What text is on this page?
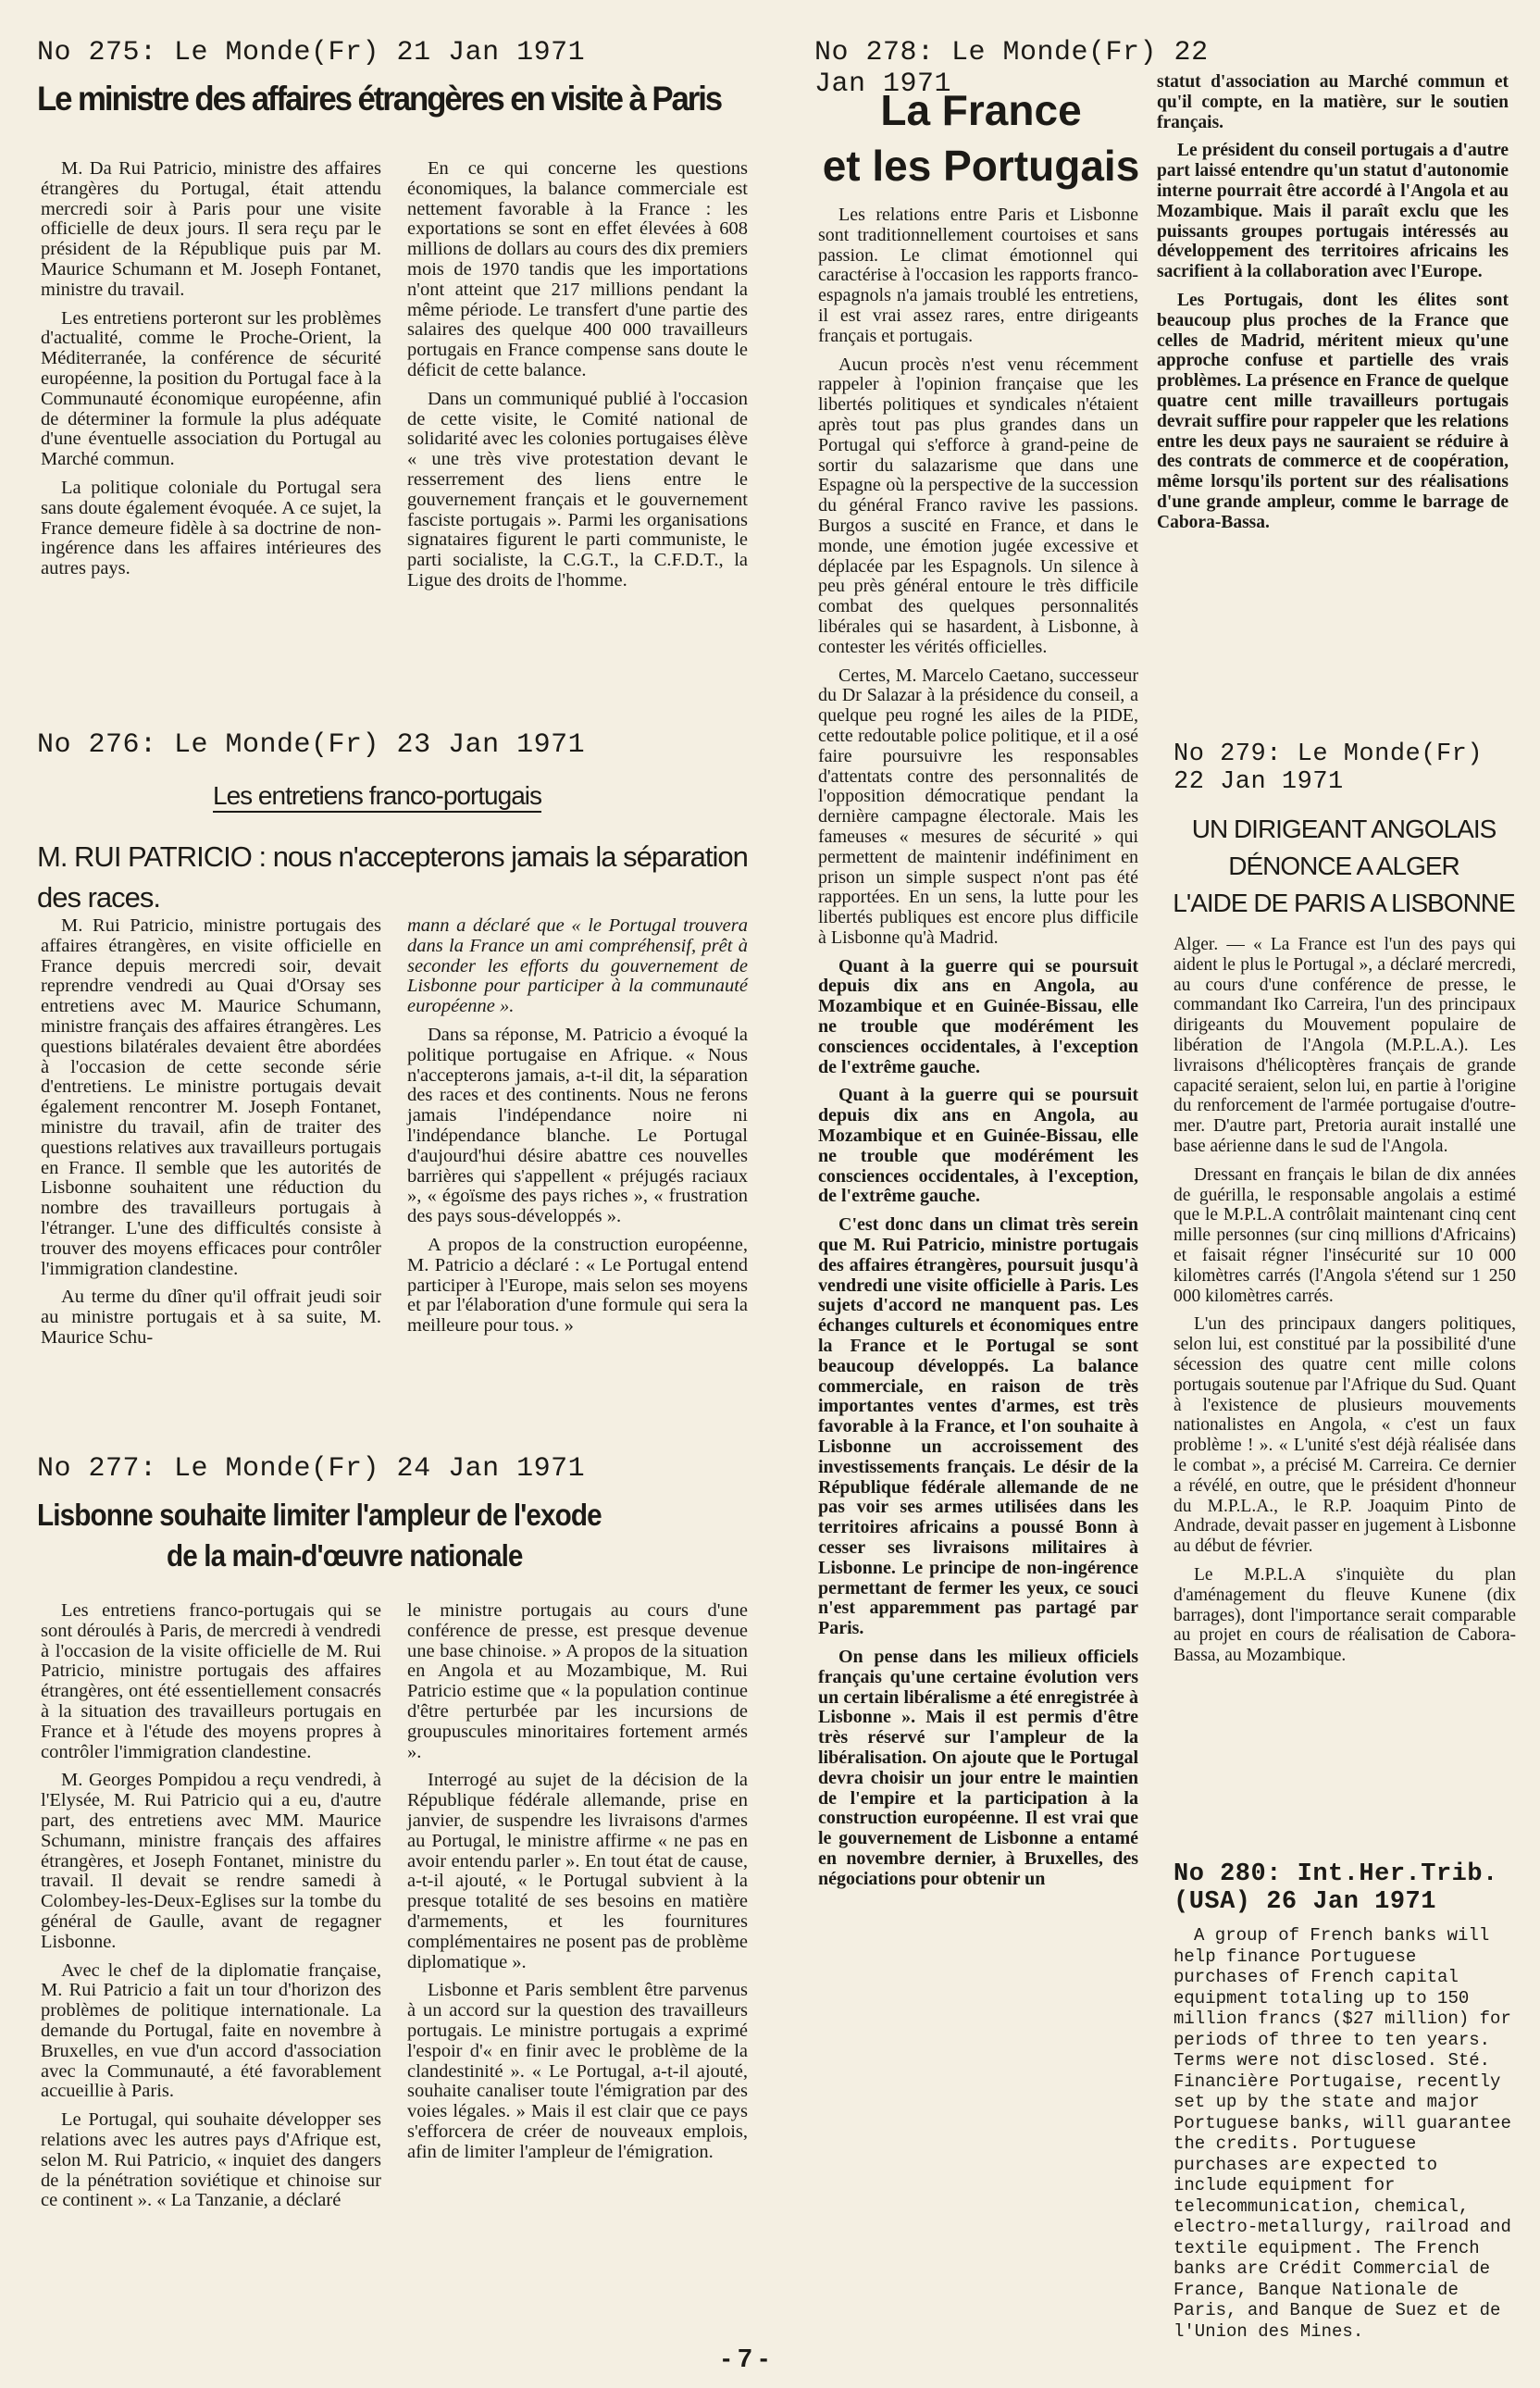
No 275: Le Monde(Fr) 21 Jan 1971
Le ministre des affaires étrangères en visite à Paris

M. Da Rui Patricio, ministre des affaires étrangères du Portugal, était attendu mercredi soir à Paris pour une visite officielle de deux jours. Il sera reçu par le président de la République puis par M. Maurice Schumann et M. Joseph Fontanet, ministre du travail.

Les entretiens porteront sur les problèmes d'actualité, comme le Proche-Orient, la Méditerranée, la conférence de sécurité européenne, la position du Portugal face à la Communauté économique européenne, afin de déterminer la formule la plus adéquate d'une éventuelle association du Portugal au Marché commun.

La politique coloniale du Portugal sera sans doute également évoquée. A ce sujet, la France demeure fidèle à sa doctrine de non-ingérence dans les affaires intérieures des autres pays.

En ce qui concerne les questions économiques, la balance commerciale est nettement favorable à la France : les exportations se sont en effet élevées à 608 millions de dollars au cours des dix premiers mois de 1970 tandis que les importations n'ont atteint que 217 millions pendant la même période. Le transfert d'une partie des salaires des quelque 400 000 travailleurs portugais en France compense sans doute le déficit de cette balance.

Dans un communiqué publié à l'occasion de cette visite, le Comité national de solidarité avec les colonies portugaises élève « une très vive protestation devant le resserrement des liens entre le gouvernement français et le gouvernement fasciste portugais ». Parmi les organisations signataires figurent le parti communiste, le parti socialiste, la C.G.T., la C.F.D.T., la Ligue des droits de l'homme.

No 276: Le Monde(Fr) 23 Jan 1971
Les entretiens franco-portugais
M. RUI PATRICIO : nous n'accepterons jamais la séparation des races.

M. Rui Patricio, ministre portugais des affaires étrangères, en visite officielle en France depuis mercredi soir, devait reprendre vendredi au Quai d'Orsay ses entretiens avec M. Maurice Schumann, ministre français des affaires étrangères. Les questions bilatérales devaient être abordées à l'occasion de cette seconde série d'entretiens. Le ministre portugais devait également rencontrer M. Joseph Fontanet, ministre du travail, afin de traiter des questions relatives aux travailleurs portugais en France. Il semble que les autorités de Lisbonne souhaitent une réduction du nombre des travailleurs portugais à l'étranger. L'une des difficultés consiste à trouver des moyens efficaces pour contrôler l'immigration clandestine.

Au terme du dîner qu'il offrait jeudi soir au ministre portugais et à sa suite, M. Maurice Schu-

mann a déclaré que « le Portugal trouvera dans la France un ami compréhensif, prêt à seconder les efforts du gouvernement de Lisbonne pour participer à la communauté européenne ».

Dans sa réponse, M. Patricio a évoqué la politique portugaise en Afrique. « Nous n'accepterons jamais, a-t-il dit, la séparation des races et des continents. Nous ne ferons jamais l'indépendance noire ni l'indépendance blanche. Le Portugal d'aujourd'hui désire abattre ces nouvelles barrières qui s'appellent « préjugés raciaux », « égoïsme des pays riches », « frustration des pays sous-développés ».

A propos de la construction européenne, M. Patricio a déclaré : « Le Portugal entend participer à l'Europe, mais selon ses moyens et par l'élaboration d'une formule qui sera la meilleure pour tous. »

No 277: Le Monde(Fr) 24 Jan 1971
Lisbonne souhaite limiter l'ampleur de l'exode
de la main-d'œuvre nationale

Les entretiens franco-portugais qui se sont déroulés à Paris, de mercredi à vendredi à l'occasion de la visite officielle de M. Rui Patricio, ministre portugais des affaires étrangères, ont été essentiellement consacrés à la situation des travailleurs portugais en France et à l'étude des moyens propres à contrôler l'immigration clandestine.

M. Georges Pompidou a reçu vendredi, à l'Elysée, M. Rui Patricio qui a eu, d'autre part, des entretiens avec MM. Maurice Schumann, ministre français des affaires étrangères, et Joseph Fontanet, ministre du travail. Il devait se rendre samedi à Colombey-les-Deux-Eglises sur la tombe du général de Gaulle, avant de regagner Lisbonne.

Avec le chef de la diplomatie française, M. Rui Patricio a fait un tour d'horizon des problèmes de politique internationale. La demande du Portugal, faite en novembre à Bruxelles, en vue d'un accord d'association avec la Communauté, a été favorablement accueillie à Paris.

Le Portugal, qui souhaite développer ses relations avec les autres pays d'Afrique est, selon M. Rui Patricio, « inquiet des dangers de la pénétration soviétique et chinoise sur ce continent ». « La Tanzanie, a déclaré

le ministre portugais au cours d'une conférence de presse, est presque devenue une base chinoise. » A propos de la situation en Angola et au Mozambique, M. Rui Patricio estime que « la population continue d'être perturbée par les incursions de groupuscules minoritaires fortement armés ».

Interrogé au sujet de la décision de la République fédérale allemande, prise en janvier, de suspendre les livraisons d'armes au Portugal, le ministre affirme « ne pas en avoir entendu parler ». En tout état de cause, a-t-il ajouté, « le Portugal subvient à la presque totalité de ses besoins en matière d'armements, et les fournitures complémentaires ne posent pas de problème diplomatique ».

Lisbonne et Paris semblent être parvenus à un accord sur la question des travailleurs portugais. Le ministre portugais a exprimé l'espoir d'« en finir avec le problème de la clandestinité ». « Le Portugal, a-t-il ajouté, souhaite canaliser toute l'émigration par des voies légales. » Mais il est clair que ce pays s'efforcera de créer de nouveaux emplois, afin de limiter l'ampleur de l'émigration.

No 278: Le Monde(Fr) 22 Jan 1971
La France
et les Portugais

Les relations entre Paris et Lisbonne sont traditionnellement courtoises et sans passion. Le climat émotionnel qui caractérise à l'occasion les rapports franco-espagnols n'a jamais troublé les entretiens, il est vrai assez rares, entre dirigeants français et portugais.

Aucun procès n'est venu récemment rappeler à l'opinion française que les libertés politiques et syndicales n'étaient après tout pas plus grandes dans un Portugal qui s'efforce à grand-peine de sortir du salazarisme que dans une Espagne où la perspective de la succession du général Franco ravive les passions. Burgos a suscité en France, et dans le monde, une émotion jugée excessive et déplacée par les Espagnols. Un silence à peu près général entoure le très difficile combat des quelques personnalités libérales qui se hasardent, à Lisbonne, à contester les vérités officielles.

Certes, M. Marcelo Caetano, successeur du Dr Salazar à la présidence du conseil, a quelque peu rogné les ailes de la PIDE, cette redoutable police politique, et il a osé faire poursuivre les responsables d'attentats contre des personnalités de l'opposition démocratique pendant la dernière campagne électorale. Mais les fameuses « mesures de sécurité » qui permettent de maintenir indéfiniment en prison un simple suspect n'ont pas été rapportées. En un sens, la lutte pour les libertés publiques est encore plus difficile à Lisbonne qu'à Madrid.

Quant à la guerre qui se poursuit depuis dix ans en Angola, au Mozambique et en Guinée-Bissau, elle ne trouble que modérément les consciences occidentales, à l'exception de l'extrême gauche.

Quant à la guerre qui se poursuit depuis dix ans en Angola, au Mozambique et en Guinée-Bissau, elle ne trouble que modérément les consciences occidentales, à l'exception, de l'extrême gauche.

C'est donc dans un climat très serein que M. Rui Patricio, ministre portugais des affaires étrangères, poursuit jusqu'à vendredi une visite officielle à Paris. Les sujets d'accord ne manquent pas. Les échanges culturels et économiques entre la France et le Portugal se sont beaucoup développés. La balance commerciale, en raison de très importantes ventes d'armes, est très favorable à la France, et l'on souhaite à Lisbonne un accroissement des investissements français. Le désir de la République fédérale allemande de ne pas voir ses armes utilisées dans les territoires africains a poussé Bonn à cesser ses livraisons militaires à Lisbonne. Le principe de non-ingérence permettant de fermer les yeux, ce souci n'est apparemment pas partagé par Paris.

On pense dans les milieux officiels français qu'une certaine évolution vers un certain libéralisme a été enregistrée à Lisbonne ». Mais il est permis d'être très réservé sur l'ampleur de la libéralisation. On ajoute que le Portugal devra choisir un jour entre le maintien de l'empire et la participation à la construction européenne. Il est vrai que le gouvernement de Lisbonne a entamé en novembre dernier, à Bruxelles, des négociations pour obtenir un

statut d'association au Marché commun et qu'il compte, en la matière, sur le soutien français.

Le président du conseil portugais a d'autre part laissé entendre qu'un statut d'autonomie interne pourrait être accordé à l'Angola et au Mozambique. Mais il paraît exclu que les puissants groupes portugais intéressés au développement des territoires africains les sacrifient à la collaboration avec l'Europe.

Les Portugais, dont les élites sont beaucoup plus proches de la France que celles de Madrid, méritent mieux qu'une approche confuse et partielle des vrais problèmes. La présence en France de quelque quatre cent mille travailleurs portugais devrait suffire pour rappeler que les relations entre les deux pays ne sauraient se réduire à des contrats de commerce et de coopération, même lorsqu'ils portent sur des réalisations d'une grande ampleur, comme le barrage de Cabora-Bassa.

No 279: Le Monde(Fr)
22 Jan 1971
UN DIRIGEANT ANGOLAIS
DÉNONCE A ALGER
L'AIDE DE PARIS A LISBONNE

Alger. — « La France est l'un des pays qui aident le plus le Portugal », a déclaré mercredi, au cours d'une conférence de presse, le commandant Iko Carreira, l'un des principaux dirigeants du Mouvement populaire de libération de l'Angola (M.P.L.A.). Les livraisons d'hélicoptères français de grande capacité seraient, selon lui, en partie à l'origine du renforcement de l'armée portugaise d'outre-mer. D'autre part, Pretoria aurait installé une base aérienne dans le sud de l'Angola.

Dressant en français le bilan de dix années de guérilla, le responsable angolais a estimé que le M.P.L.A contrôlait maintenant cinq cent mille personnes (sur cinq millions d'Africains) et faisait régner l'insécurité sur 10 000 kilomètres carrés (l'Angola s'étend sur 1 250 000 kilomètres carrés.

L'un des principaux dangers politiques, selon lui, est constitué par la possibilité d'une sécession des quatre cent mille colons portugais soutenue par l'Afrique du Sud. Quant à l'existence de plusieurs mouvements nationalistes en Angola, « c'est un faux problème ! ». « L'unité s'est déjà réalisée dans le combat », a précisé M. Carreira. Ce dernier a révélé, en outre, que le président d'honneur du M.P.L.A., le R.P. Joaquim Pinto de Andrade, devait passer en jugement à Lisbonne au début de février.

Le M.P.L.A s'inquiète du plan d'aménagement du fleuve Kunene (dix barrages), dont l'importance serait comparable au projet en cours de réalisation de Cabora-Bassa, au Mozambique.

No 280: Int.Her.Trib.
(USA) 26 Jan 1971

A group of French banks will help finance Portuguese purchases of French capital equipment totaling up to 150 million francs ($27 million) for periods of three to ten years. Terms were not disclosed. Sté. Financière Portugaise, recently set up by the state and major Portuguese banks, will guarantee the credits. Portuguese purchases are expected to include equipment for telecommunication, chemical, electro-metallurgy, railroad and textile equipment. The French banks are Crédit Commercial de France, Banque Nationale de Paris, and Banque de Suez et de l'Union des Mines.

- 7 -
